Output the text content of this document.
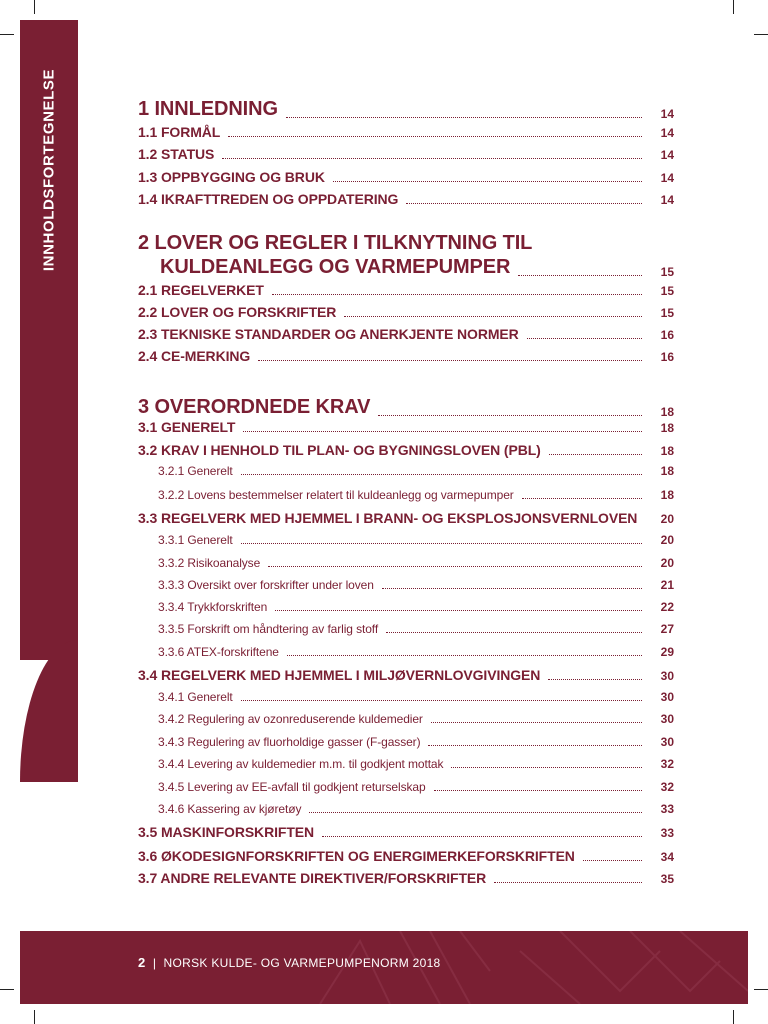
INNHOLDSFORTEGNELSE	1 INNLEDNING	14
1.1 FORMÅL	14
1.2 STATUS	14
1.3 OPPBYGGING OG BRUK	14
1.4 IKRAFTTREDEN OG OPPDATERING	14
2 LOVER OG REGLER I TILKNYTNING TIL
KULDEANLEGG OG VARMEPUMPER	15
2.1 REGELVERKET	15
2.2 LOVER OG FORSKRIFTER	15
2.3 TEKNISKE STANDARDER OG ANERKJENTE NORMER	16
2.4 CE-MERKING	16
3 OVERORDNEDE KRAV	18
3.1 GENERELT	18
3.2 KRAV I HENHOLD TIL PLAN- OG BYGNINGSLOVEN (PBL)	18
3.2.1 Generelt	18
3.2.2 Lovens bestemmelser relatert til kuldeanlegg og varmepumper	18
3.3 REGELVERK MED HJEMMEL I BRANN- OG EKSPLOSJONSVERNLOVEN	20
3.3.1 Generelt	20
3.3.2 Risikoanalyse	20
3.3.3 Oversikt over forskrifter under loven	21
3.3.4 Trykkforskriften	22
3.3.5 Forskrift om håndtering av farlig stoff	27
3.3.6 ATEX-forskriftene	29
3.4 REGELVERK MED HJEMMEL I MILJØVERNLOVGIVINGEN	30
3.4.1 Generelt	30
3.4.2 Regulering av ozonreduserende kuldemedier	30
3.4.3 Regulering av fluorholdige gasser (F-gasser)	30
3.4.4 Levering av kuldemedier m.m. til godkjent mottak	32
3.4.5 Levering av EE-avfall til godkjent returselskap	32
3.4.6 Kassering av kjøretøy	33
3.5 MASKINFORSKRIFTEN	33
3.6 ØKODESIGNFORSKRIFTEN OG ENERGIMERKEFORSKRIFTEN	34
3.7 ANDRE RELEVANTE DIREKTIVER/FORSKRIFTER	35
2 | NORSK KULDE- OG VARMEPUMPENORM 2018
